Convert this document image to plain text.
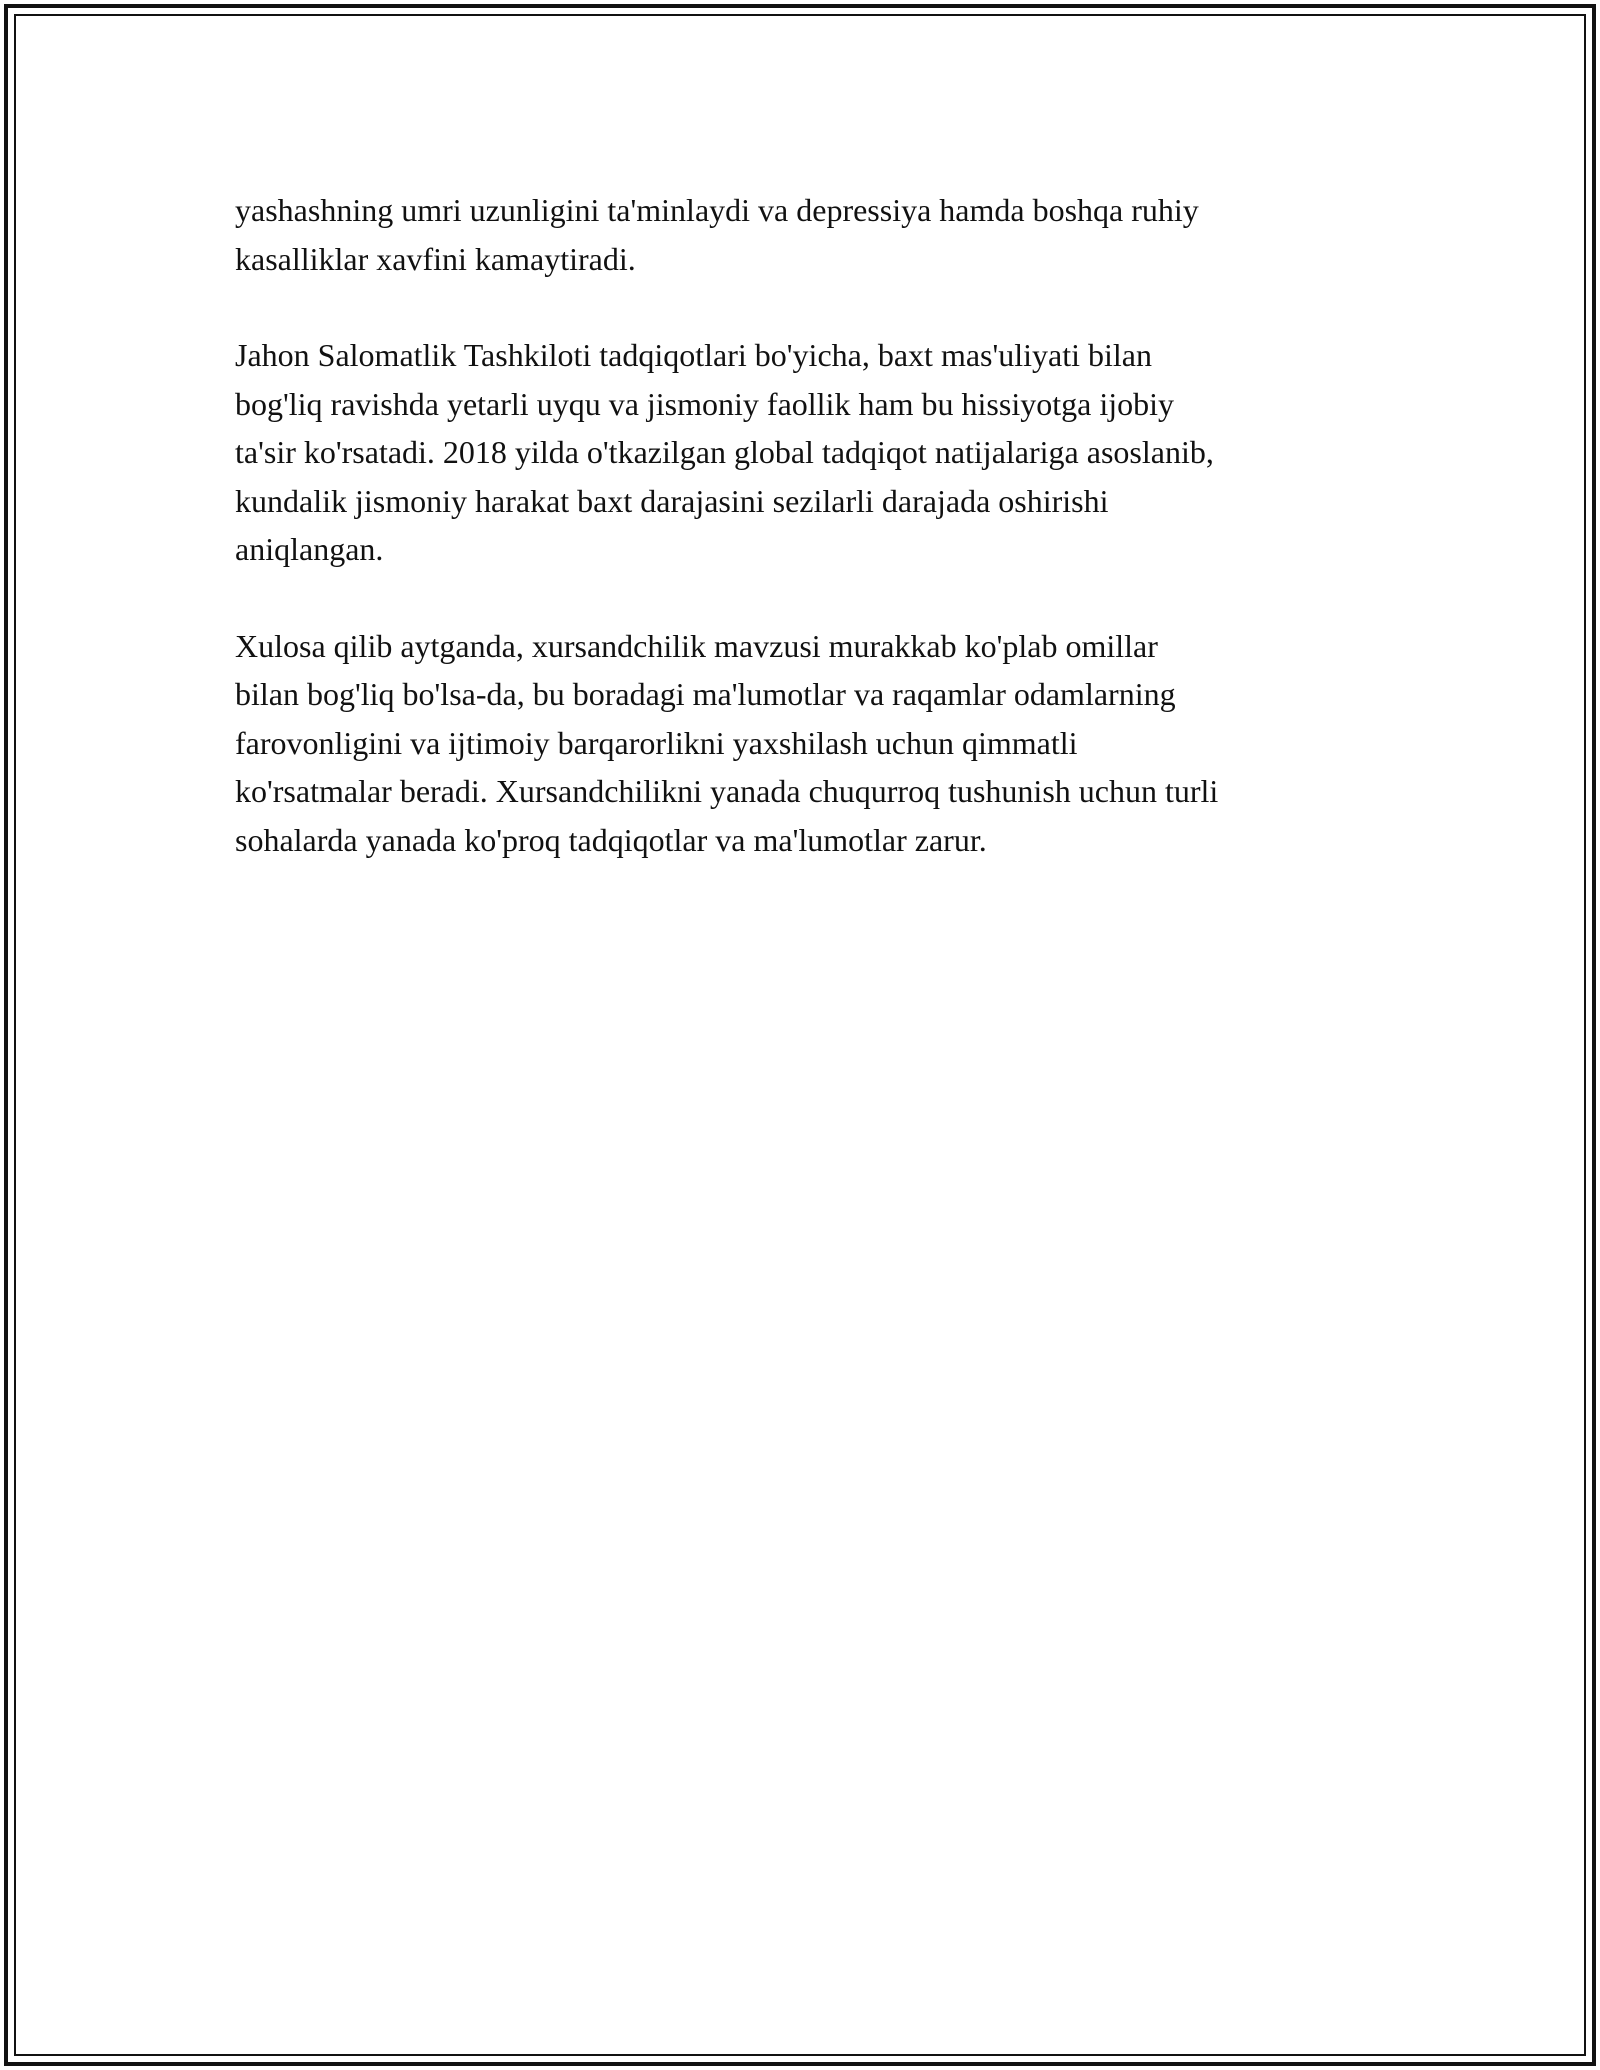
yashashning umri uzunligini ta'minlaydi va depressiya hamda boshqa ruhiy
kasalliklar xavfini kamaytiradi.

Jahon Salomatlik Tashkiloti tadqiqotlari bo'yicha, baxt mas'uliyati bilan
bog'liq ravishda yetarli uyqu va jismoniy faollik ham bu hissiyotga ijobiy
ta'sir ko'rsatadi. 2018 yilda o'tkazilgan global tadqiqot natijalariga asoslanib,
kundalik jismoniy harakat baxt darajasini sezilarli darajada oshirishi
aniqlangan.

Xulosa qilib aytganda, xursandchilik mavzusi murakkab ko'plab omillar
bilan bog'liq bo'lsa-da, bu boradagi ma'lumotlar va raqamlar odamlarning
farovonligini va ijtimoiy barqarorlikni yaxshilash uchun qimmatli
ko'rsatmalar beradi. Xursandchilikni yanada chuqurroq tushunish uchun turli
sohalarda yanada ko'proq tadqiqotlar va ma'lumotlar zarur.
